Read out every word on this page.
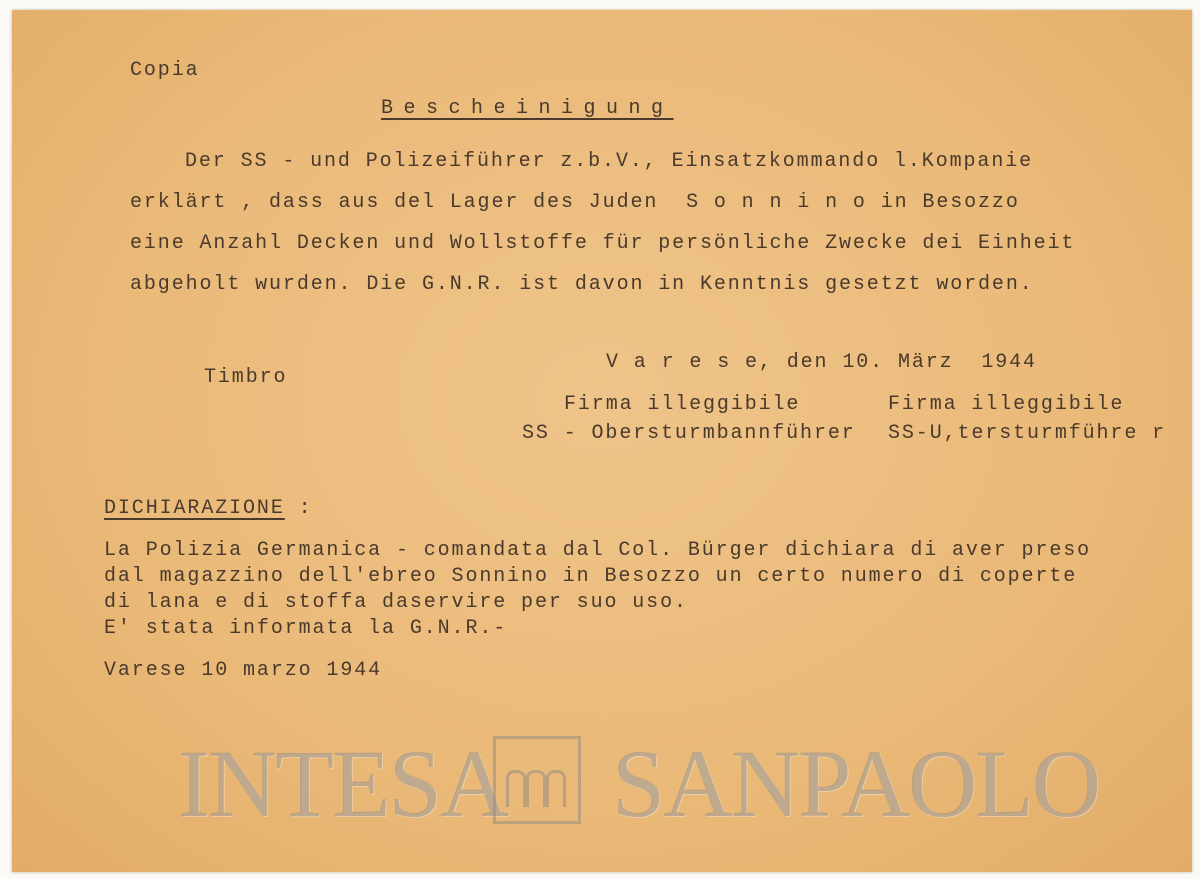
Copia
Bescheinigung
Der SS - und Polizeiführer z.b.V., Einsatzkommando l.Kompanie
erklärt , dass aus del Lager des Juden  S o n n i n o in Besozzo
eine Anzahl Decken und Wollstoffe für persönliche Zwecke dei Einheit
abgeholt wurden. Die G.N.R. ist davon in Kenntnis gesetzt worden.
V a r e s e, den 10. März  1944
Timbro
Firma illeggibile
SS - Obersturmbannführer
Firma illeggibile
SS-U,tersturmführe r
DICHIARAZIONE :
La Polizia Germanica - comandata dal Col. Bürger dichiara di aver preso
dal magazzino dell'ebreo Sonnino in Besozzo un certo numero di coperte
di lana e di stoffa daservire per suo uso.
E' stata informata la G.N.R.-
Varese 10 marzo 1944
INTESA SANPAOLO
